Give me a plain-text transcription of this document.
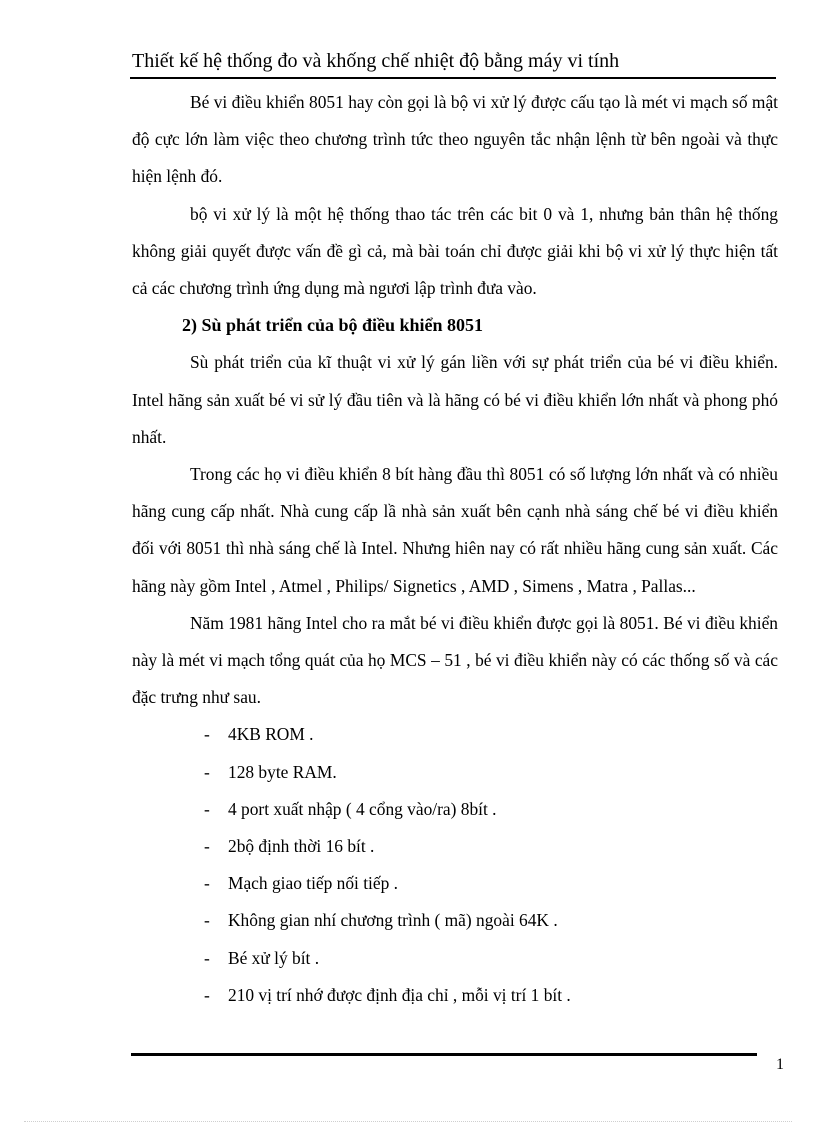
Thiết kế hệ thống đo và khống chế nhiệt độ bằng máy vi tính

Bé vi điều khiển 8051 hay còn gọi là bộ vi xử lý được cấu tạo là mét vi mạch số mật độ cực lớn làm việc theo chương trình tức theo nguyên tắc nhận lệnh từ bên ngoài và thực hiện lệnh đó.

bộ vi xử lý là một hệ thống thao tác trên các bit 0 và 1, nhưng bản thân hệ thống không giải quyết được vấn đề gì cả, mà bài toán chỉ được giải khi bộ vi xử lý thực hiện tất cả các chương trình ứng dụng mà ngươi lập trình đưa vào.

2) Sù phát triển của bộ điều khiển 8051

Sù phát triển của kĩ thuật vi xử lý gán liền với sự phát triển của bé vi điều khiển. Intel hãng sản xuất bé vi sử lý đầu tiên và là hãng có bé vi điều khiển lớn nhất và phong phó nhất.

Trong các họ vi điều khiển 8 bít hàng đầu thì 8051 có số lượng lớn nhất và có nhiều hãng cung cấp nhất. Nhà cung cấp lầ nhà sản xuất bên cạnh nhà sáng chế bé vi điều khiển đối với 8051 thì nhà sáng chế là Intel. Nhưng hiên nay có rất nhiều hãng cung sản xuất. Các hãng này gồm Intel , Atmel , Philips/ Signetics , AMD , Simens , Matra , Pallas...

Năm 1981 hãng Intel cho ra mắt bé vi điều khiển được gọi là 8051. Bé vi điều khiển này là mét vi mạch tổng quát của họ MCS – 51 , bé vi điều khiển này có các thống số và các đặc trưng như sau.

- 4KB ROM .
- 128 byte RAM.
- 4 port xuất nhập ( 4 cổng vào/ra) 8bít .
- 2bộ định thời 16 bít .
- Mạch giao tiếp nối tiếp .
- Không gian nhí chương trình ( mã) ngoài 64K .
- Bé xử lý bít .
- 210 vị trí nhớ được định địa chỉ , mỗi vị trí 1 bít .
1
